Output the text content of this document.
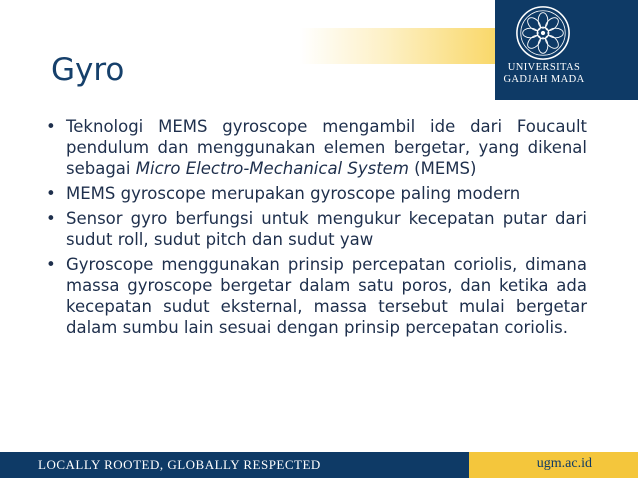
UNIVERSITAS
GADJAH MADA
Gyro
• Teknologi MEMS gyroscope mengambil ide dari Foucault pendulum dan menggunakan elemen bergetar, yang dikenal sebagai Micro Electro-Mechanical System (MEMS)
• MEMS gyroscope merupakan gyroscope paling modern
• Sensor gyro berfungsi untuk mengukur kecepatan putar dari sudut roll, sudut pitch dan sudut yaw
• Gyroscope menggunakan prinsip percepatan coriolis, dimana massa gyroscope bergetar dalam satu poros, dan ketika ada kecepatan sudut eksternal, massa tersebut mulai bergetar dalam sumbu lain sesuai dengan prinsip percepatan coriolis.
LOCALLY ROOTED, GLOBALLY RESPECTED	ugm.ac.id
